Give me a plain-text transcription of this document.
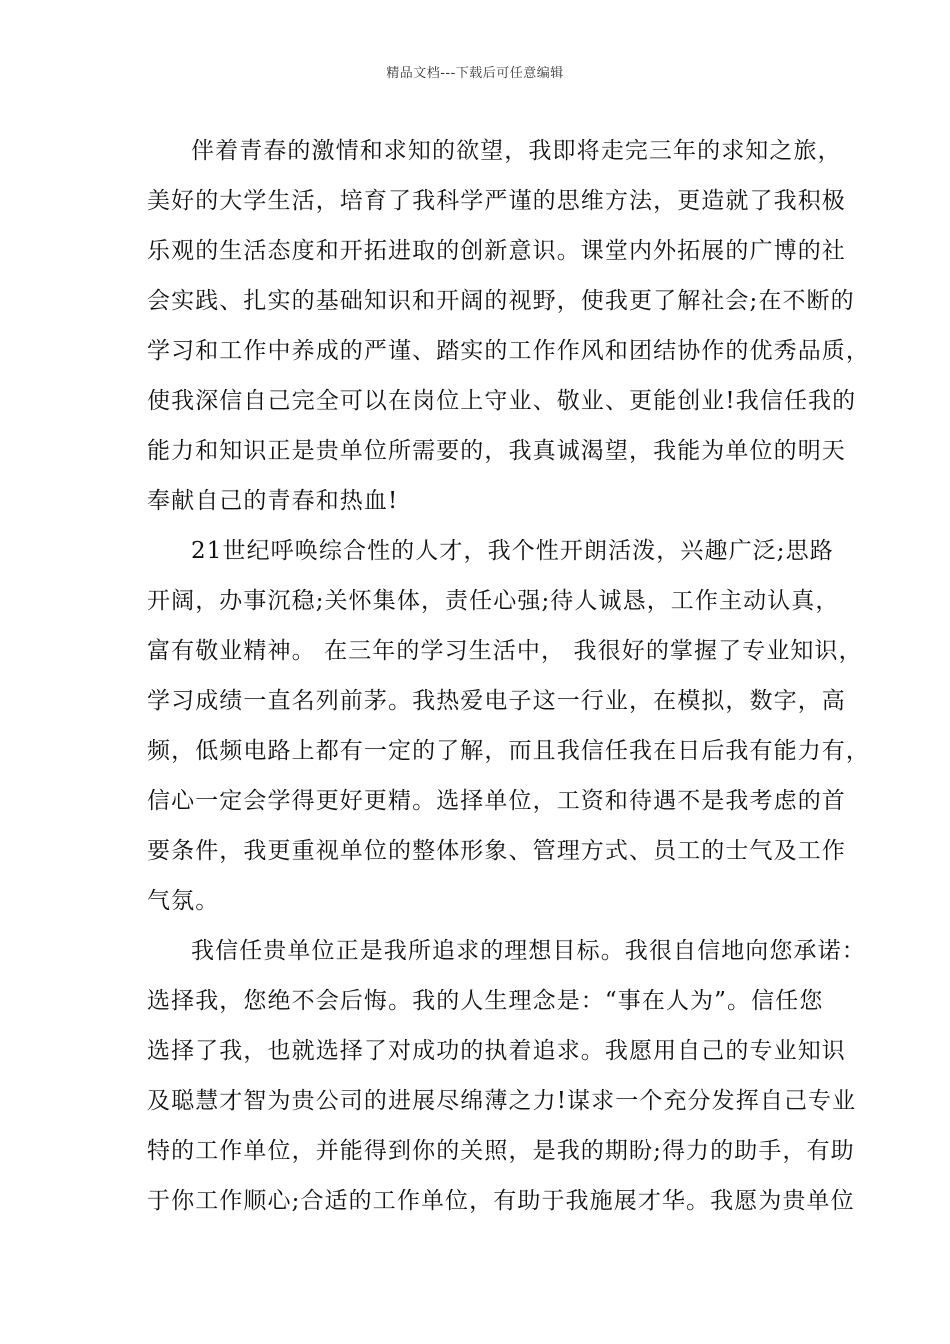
精品文档---下载后可任意编辑
伴着青春的激情和求知的欲望，我即将走完三年的求知之旅，
美好的大学生活，培育了我科学严谨的思维方法，更造就了我积极
乐观的生活态度和开拓进取的创新意识。课堂内外拓展的广博的社
会实践、扎实的基础知识和开阔的视野，使我更了解社会;在不断的
学习和工作中养成的严谨、踏实的工作作风和团结协作的优秀品质，
使我深信自己完全可以在岗位上守业、敬业、更能创业!我信任我的
能力和知识正是贵单位所需要的，我真诚渴望，我能为单位的明天
奉献自己的青春和热血!
21世纪呼唤综合性的人才，我个性开朗活泼，兴趣广泛;思路
开阔，办事沉稳;关怀集体，责任心强;待人诚恳，工作主动认真，
富有敬业精神。 在三年的学习生活中， 我很好的掌握了专业知识，
学习成绩一直名列前茅。我热爱电子这一行业，在模拟，数字，高
频，低频电路上都有一定的了解，而且我信任我在日后我有能力有，
信心一定会学得更好更精。选择单位，工资和待遇不是我考虑的首
要条件，我更重视单位的整体形象、管理方式、员工的士气及工作
气氛。
我信任贵单位正是我所追求的理想目标。我很自信地向您承诺：
选择我，您绝不会后悔。我的人生理念是：“事在人为”。信任您
选择了我，也就选择了对成功的执着追求。我愿用自己的专业知识
及聪慧才智为贵公司的进展尽绵薄之力!谋求一个充分发挥自己专业
特的工作单位，并能得到你的关照，是我的期盼;得力的助手，有助
于你工作顺心;合适的工作单位，有助于我施展才华。我愿为贵单位
